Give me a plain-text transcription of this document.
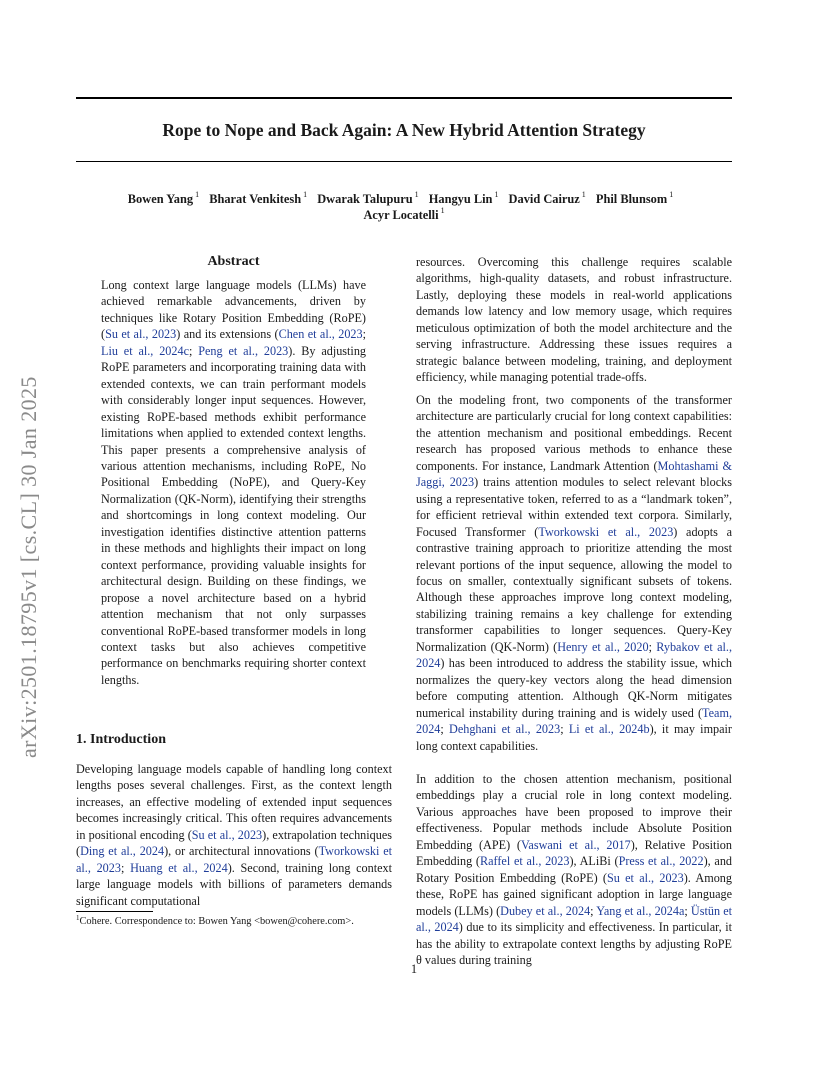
Rope to Nope and Back Again: A New Hybrid Attention Strategy
Bowen Yang $^1$ Bharat Venkitesh $^1$ Dwarak Talupuru $^1$ Hangyu Lin $^1$ David Cairuz $^1$ Phil Blunsom $^1$
Acyr Locatelli $^1$
arXiv:2501.18795v1 [cs.CL] 30 Jan 2025
Abstract

Long context large language models (LLMs) have achieved remarkable advancements, driven by techniques like Rotary Position Embedding (RoPE) (Su et al., 2023) and its extensions (Chen et al., 2023; Liu et al., 2024c; Peng et al., 2023). By adjusting RoPE parameters and incorporating training data with extended contexts, we can train performant models with considerably longer input sequences. However, existing RoPE-based methods exhibit performance limitations when applied to extended context lengths. This paper presents a comprehensive analysis of various attention mechanisms, including RoPE, No Positional Embedding (NoPE), and Query-Key Normalization (QK-Norm), identifying their strengths and shortcomings in long context modeling. Our investigation identifies distinctive attention patterns in these methods and highlights their impact on long context performance, providing valuable insights for architectural design. Building on these findings, we propose a novel architecture based on a hybrid attention mechanism that not only surpasses conventional RoPE-based transformer models in long context tasks but also achieves competitive performance on benchmarks requiring shorter context lengths.

1. Introduction

Developing language models capable of handling long context lengths poses several challenges. First, as the context length increases, an effective modeling of extended input sequences becomes increasingly critical. This often requires advancements in positional encoding (Su et al., 2023), extrapolation techniques (Ding et al., 2024), or architectural innovations (Tworkowski et al., 2023; Huang et al., 2024). Second, training long context large language models with billions of parameters demands significant computational

$^1$Cohere. Correspondence to: Bowen Yang <bowen@cohere.com>.

resources. Overcoming this challenge requires scalable algorithms, high-quality datasets, and robust infrastructure. Lastly, deploying these models in real-world applications demands low latency and low memory usage, which requires meticulous optimization of both the model architecture and the serving infrastructure. Addressing these issues requires a strategic balance between modeling, training, and deployment efficiency, while managing potential trade-offs.

On the modeling front, two components of the transformer architecture are particularly crucial for long context capabilities: the attention mechanism and positional embeddings. Recent research has proposed various methods to enhance these components. For instance, Landmark Attention (Mohtashami & Jaggi, 2023) trains attention modules to select relevant blocks using a representative token, referred to as a “landmark token”, for efficient retrieval within extended text corpora. Similarly, Focused Transformer (Tworkowski et al., 2023) adopts a contrastive training approach to prioritize attending the most relevant portions of the input sequence, allowing the model to focus on smaller, contextually significant subsets of tokens. Although these approaches improve long context modeling, stabilizing training remains a key challenge for extending transformer capabilities to longer sequences. Query-Key Normalization (QK-Norm) (Henry et al., 2020; Rybakov et al., 2024) has been introduced to address the stability issue, which normalizes the query-key vectors along the head dimension before computing attention. Although QK-Norm mitigates numerical instability during training and is widely used (Team, 2024; Dehghani et al., 2023; Li et al., 2024b), it may impair long context capabilities.

In addition to the chosen attention mechanism, positional embeddings play a crucial role in long context modeling. Various approaches have been proposed to improve their effectiveness. Popular methods include Absolute Position Embedding (APE) (Vaswani et al., 2017), Relative Position Embedding (Raffel et al., 2023), ALiBi (Press et al., 2022), and Rotary Position Embedding (RoPE) (Su et al., 2023). Among these, RoPE has gained significant adoption in large language models (LLMs) (Dubey et al., 2024; Yang et al., 2024a; Üstün et al., 2024) due to its simplicity and effectiveness. In particular, it has the ability to extrapolate context lengths by adjusting RoPE θ values during training

1
